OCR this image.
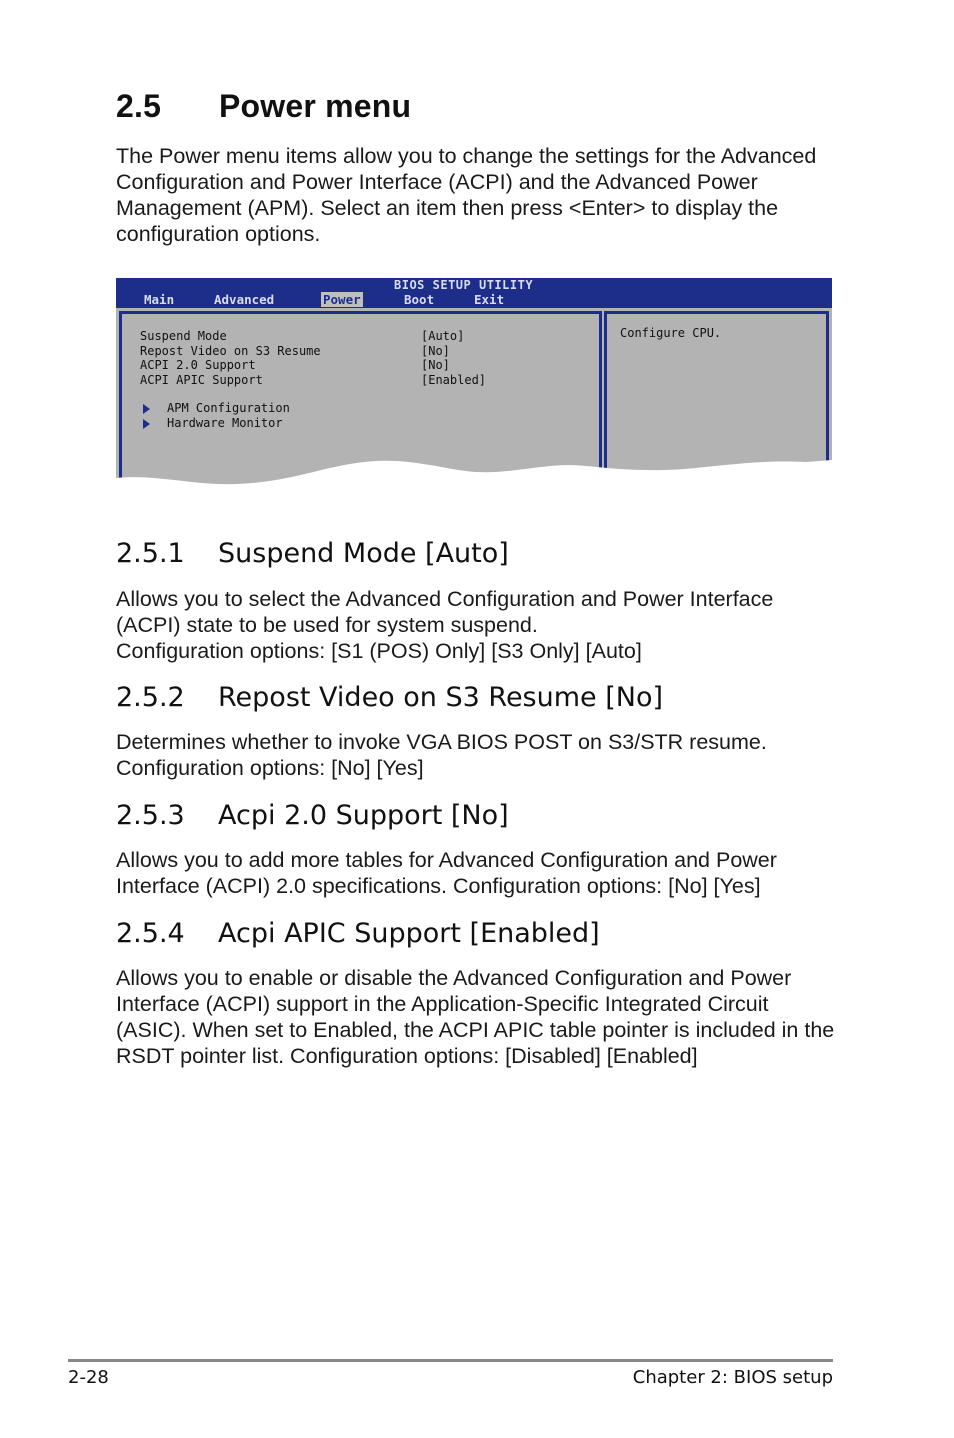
2.5 Power menu

The Power menu items allow you to change the settings for the Advanced
Configuration and Power Interface (ACPI) and the Advanced Power
Management (APM). Select an item then press <Enter> to display the
configuration options.

BIOS SETUP UTILITY
Main	Advanced	Power	Boot	Exit
Suspend Mode	[Auto]
Repost Video on S3 Resume	[No]
ACPI 2.0 Support	[No]
ACPI APIC Support	[Enabled]
APM Configuration
Hardware Monitor
Configure CPU.
2.5.1 Suspend Mode [Auto]

Allows you to select the Advanced Configuration and Power Interface
(ACPI) state to be used for system suspend.
Configuration options: [S1 (POS) Only] [S3 Only] [Auto]

2.5.2 Repost Video on S3 Resume [No]

Determines whether to invoke VGA BIOS POST on S3/STR resume.
Configuration options: [No] [Yes]

2.5.3 Acpi 2.0 Support [No]

Allows you to add more tables for Advanced Configuration and Power
Interface (ACPI) 2.0 specifications. Configuration options: [No] [Yes]

2.5.4 Acpi APIC Support [Enabled]

Allows you to enable or disable the Advanced Configuration and Power
Interface (ACPI) support in the Application-Specific Integrated Circuit
(ASIC). When set to Enabled, the ACPI APIC table pointer is included in the
RSDT pointer list. Configuration options: [Disabled] [Enabled]

2-28	Chapter 2: BIOS setup
